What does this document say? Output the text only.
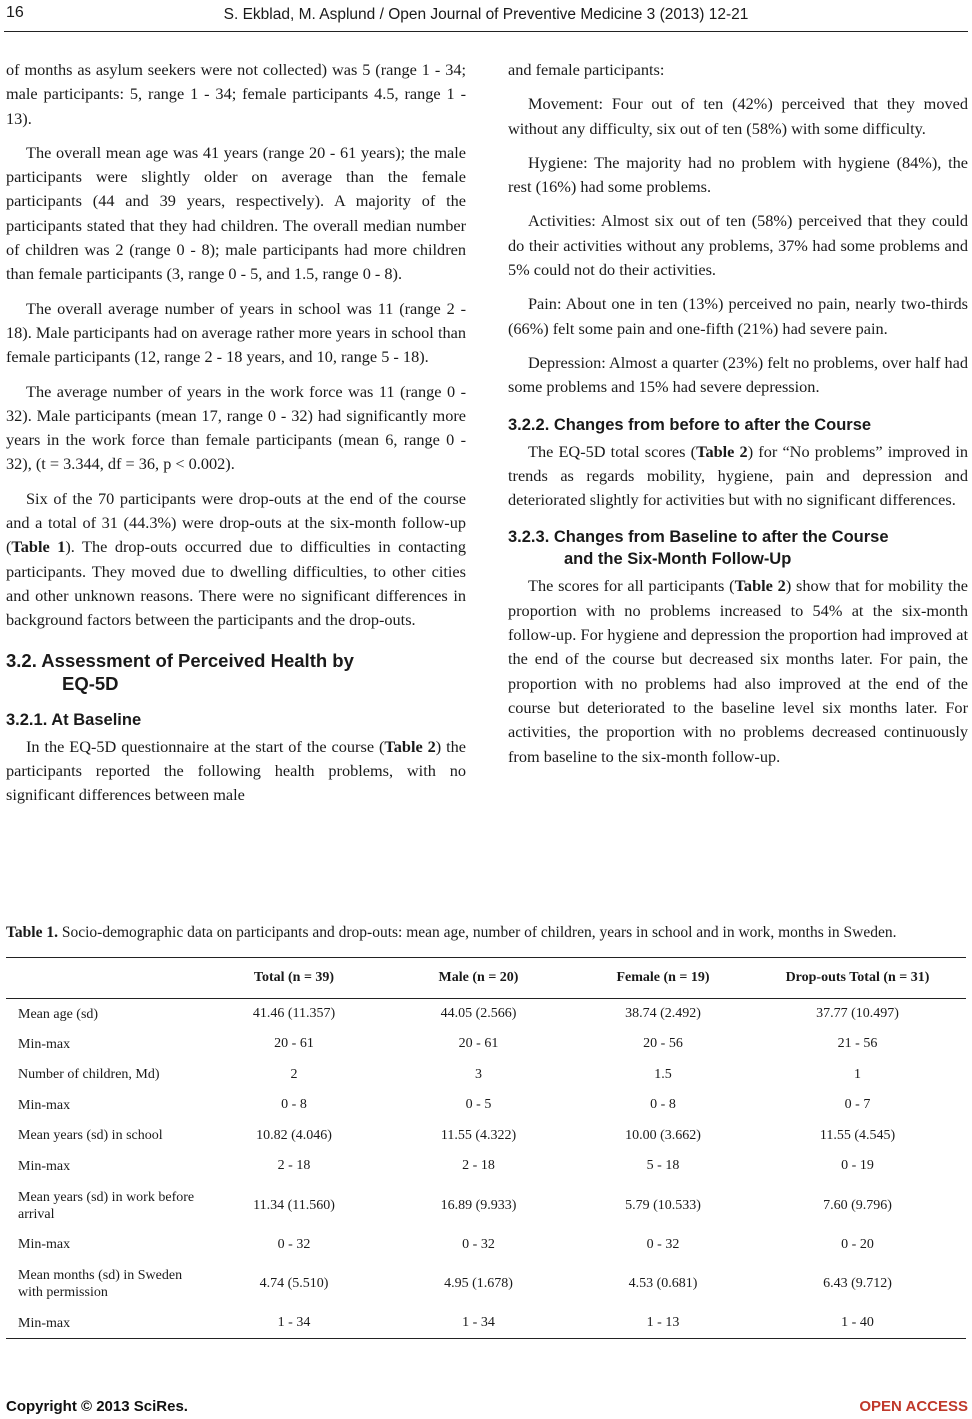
16	S. Ekblad, M. Asplund / Open Journal of Preventive Medicine 3 (2013) 12-21

of months as asylum seekers were not collected) was 5 (range 1 - 34; male participants: 5, range 1 - 34; female participants 4.5, range 1 - 13).

The overall mean age was 41 years (range 20 - 61 years); the male participants were slightly older on average than the female participants (44 and 39 years, respectively). A majority of the participants stated that they had children. The overall median number of children was 2 (range 0 - 8); male participants had more children than female participants (3, range 0 - 5, and 1.5, range 0 - 8).

The overall average number of years in school was 11 (range 2 - 18). Male participants had on average rather more years in school than female participants (12, range 2 - 18 years, and 10, range 5 - 18).

The average number of years in the work force was 11 (range 0 - 32). Male participants (mean 17, range 0 - 32) had significantly more years in the work force than female participants (mean 6, range 0 - 32), (t = 3.344, df = 36, p < 0.002).

Six of the 70 participants were drop-outs at the end of the course and a total of 31 (44.3%) were drop-outs at the six-month follow-up (Table 1). The drop-outs occurred due to difficulties in contacting participants. They moved due to dwelling difficulties, to other cities and other unknown reasons. There were no significant differences in background factors between the participants and the drop-outs.

3.2. Assessment of Perceived Health by
EQ-5D
3.2.1. At Baseline

In the EQ-5D questionnaire at the start of the course (Table 2) the participants reported the following health problems, with no significant differences between male

and female participants:

Movement: Four out of ten (42%) perceived that they moved without any difficulty, six out of ten (58%) with some difficulty.

Hygiene: The majority had no problem with hygiene (84%), the rest (16%) had some problems.

Activities: Almost six out of ten (58%) perceived that they could do their activities without any problems, 37% had some problems and 5% could not do their activities.

Pain: About one in ten (13%) perceived no pain, nearly two-thirds (66%) felt some pain and one-fifth (21%) had severe pain.

Depression: Almost a quarter (23%) felt no problems, over half had some problems and 15% had severe depression.

3.2.2. Changes from before to after the Course

The EQ-5D total scores (Table 2) for “No problems” improved in trends as regards mobility, hygiene, pain and depression and deteriorated slightly for activities but with no significant differences.

3.2.3. Changes from Baseline to after the Course
and the Six-Month Follow-Up

The scores for all participants (Table 2) show that for mobility the proportion with no problems increased to 54% at the six-month follow-up. For hygiene and depression the proportion had improved at the end of the course but decreased six months later. For pain, the proportion with no problems had also improved at the end of the course but deteriorated to the baseline level six months later. For activities, the proportion with no problems decreased continuously from baseline to the six-month follow-up.

Table 1. Socio-demographic data on participants and drop-outs: mean age, number of children, years in school and in work, months in Sweden.

	Total (n = 39)	Male (n = 20)	Female (n = 19)	Drop-outs Total (n = 31)
Mean age (sd)	41.46 (11.357)	44.05 (2.566)	38.74 (2.492)	37.77 (10.497)
Min-max	20 - 61	20 - 61	20 - 56	21 - 56
Number of children, Md)	2	3	1.5	1
Min-max	0 - 8	0 - 5	0 - 8	0 - 7
Mean years (sd) in school	10.82 (4.046)	11.55 (4.322)	10.00 (3.662)	11.55 (4.545)
Min-max	2 - 18	2 - 18	5 - 18	0 - 19
Mean years (sd) in work before arrival	11.34 (11.560)	16.89 (9.933)	5.79 (10.533)	7.60 (9.796)
Min-max	0 - 32	0 - 32	0 - 32	0 - 20
Mean months (sd) in Sweden with permission	4.74 (5.510)	4.95 (1.678)	4.53 (0.681)	6.43 (9.712)
Min-max	1 - 34	1 - 34	1 - 13	1 - 40
Copyright © 2013 SciRes.	OPEN ACCESS
